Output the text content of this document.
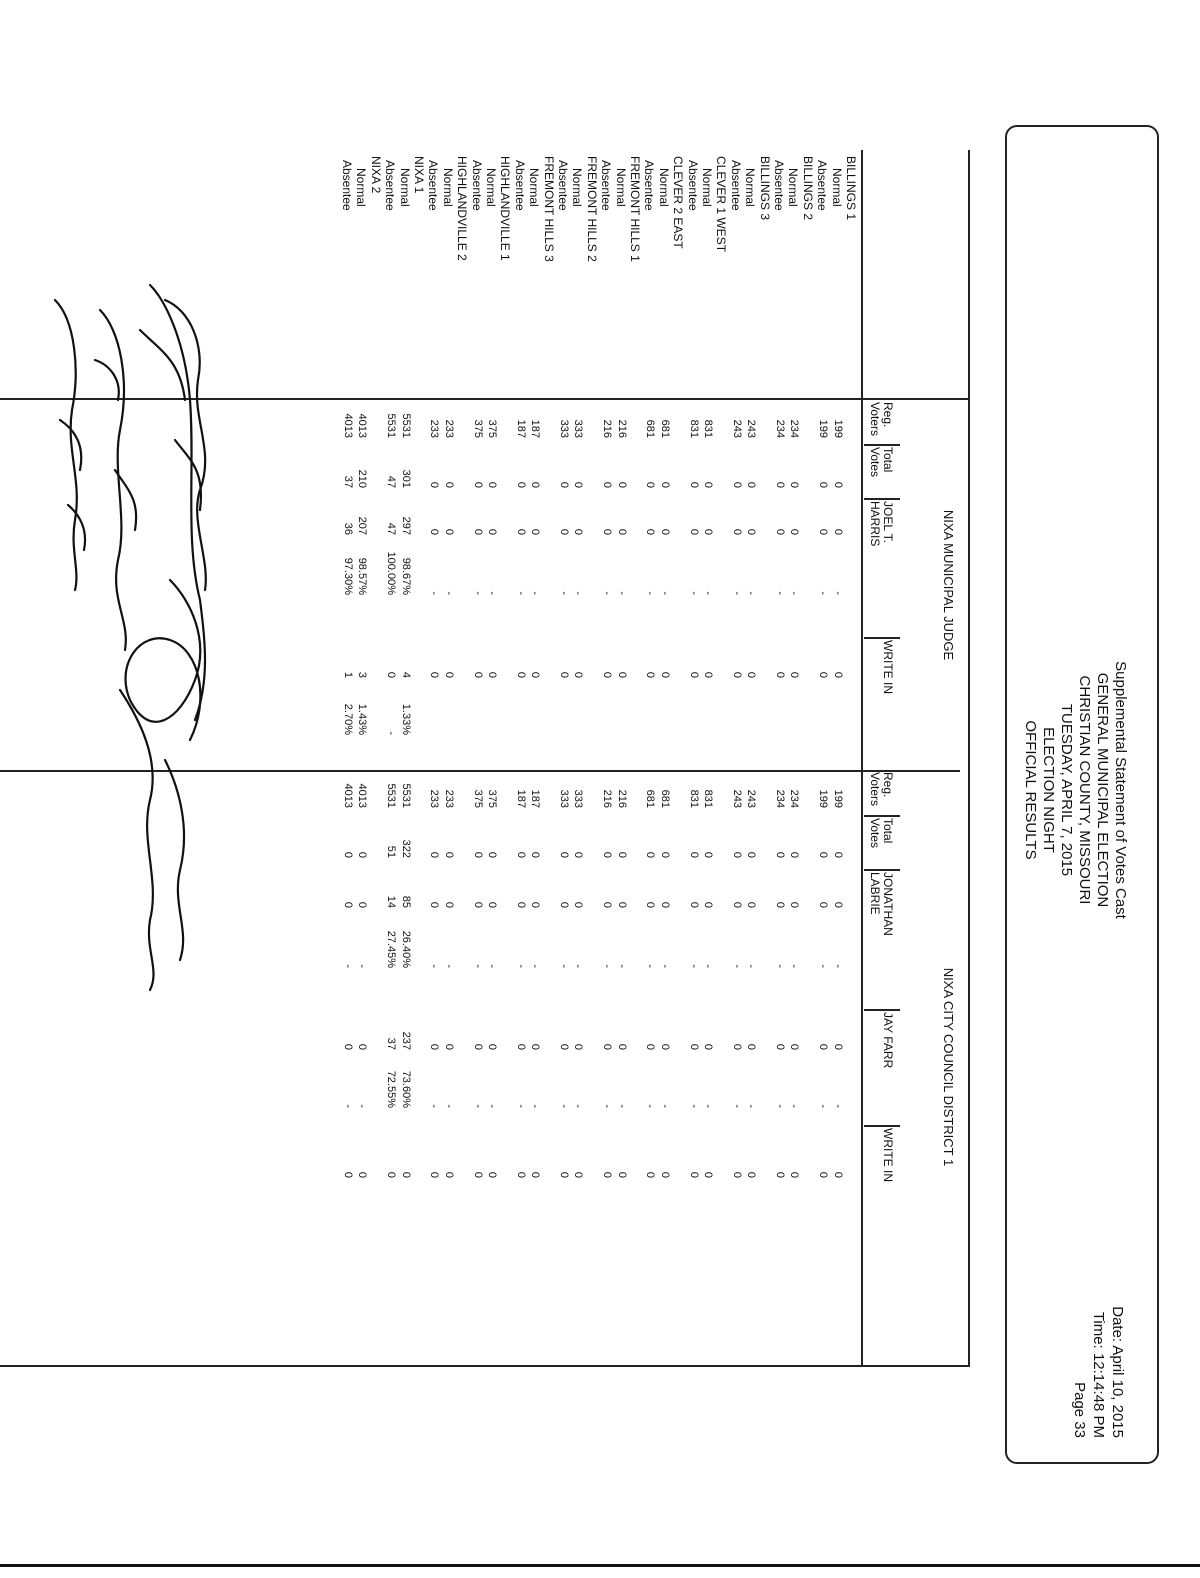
Supplemental Statement of Votes Cast
GENERAL MUNICIPAL ELECTION
CHRISTIAN COUNTY, MISSOURI
TUESDAY, APRIL 7, 2015
ELECTION NIGHT
OFFICIAL RESULTS
Date: April 10, 2015
Time: 12:14:48 PM
Page 33
NIXA MUNICIPAL JUDGE
NIXA CITY COUNCIL DISTRICT 1
Reg.
Voters
Total
Votes
JOEL T.
HARRIS
WRITE IN
Reg.
Voters
Total
Votes
JONATHAN
LABRIE
JAY FARR
WRITE IN
BILLINGS 1
Normal
199
0
0
-
0
199
0
0
-
0
-
0
Absentee
199
0
0
-
0
199
0
0
-
0
-
0
BILLINGS 2
Normal
234
0
0
-
0
234
0
0
-
0
-
0
Absentee
234
0
0
-
0
234
0
0
-
0
-
0
BILLINGS 3
Normal
243
0
0
-
0
243
0
0
-
0
-
0
Absentee
243
0
0
-
0
243
0
0
-
0
-
0
CLEVER 1 WEST
Normal
831
0
0
-
0
831
0
0
-
0
-
0
Absentee
831
0
0
-
0
831
0
0
-
0
-
0
CLEVER 2 EAST
Normal
681
0
0
-
0
681
0
0
-
0
-
0
Absentee
681
0
0
-
0
681
0
0
-
0
-
0
FREMONT HILLS 1
Normal
216
0
0
-
0
216
0
0
-
0
-
0
Absentee
216
0
0
-
0
216
0
0
-
0
-
0
FREMONT HILLS 2
Normal
333
0
0
-
0
333
0
0
-
0
-
0
Absentee
333
0
0
-
0
333
0
0
-
0
-
0
FREMONT HILLS 3
Normal
187
0
0
-
0
187
0
0
-
0
-
0
Absentee
187
0
0
-
0
187
0
0
-
0
-
0
HIGHLANDVILLE 1
Normal
375
0
0
-
0
375
0
0
-
0
-
0
Absentee
375
0
0
-
0
375
0
0
-
0
-
0
HIGHLANDVILLE 2
Normal
233
0
0
-
0
233
0
0
-
0
-
0
Absentee
233
0
0
-
0
233
0
0
-
0
-
0
NIXA 1
Normal
5531
301
297
98.67%
4
1.33%
5531
322
85
26.40%
237
73.60%
0
Absentee
5531
47
47
100.00%
0
-
5531
51
14
27.45%
37
72.55%
0
NIXA 2
Normal
4013
210
207
98.57%
3
1.43%
4013
0
0
-
0
-
0
Absentee
4013
37
36
97.30%
1
2.70%
4013
0
0
-
0
-
0
